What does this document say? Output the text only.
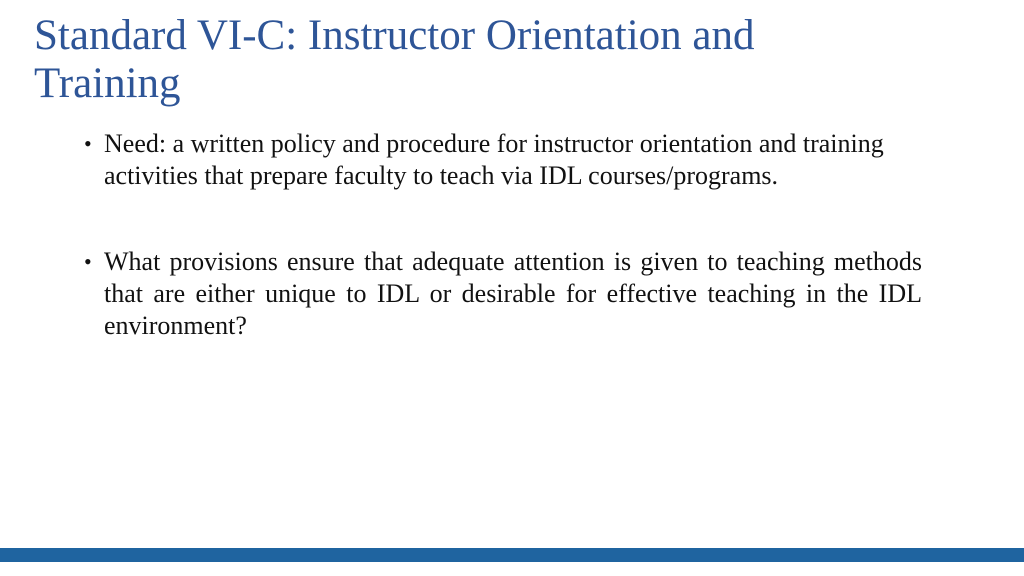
Standard VI-C: Instructor Orientation and Training
• Need: a written policy and procedure for instructor orientation and training activities that prepare faculty to teach via IDL courses/programs.
• What provisions ensure that adequate attention is given to teaching methods that are either unique to IDL or desirable for effective teaching in the IDL environment?
